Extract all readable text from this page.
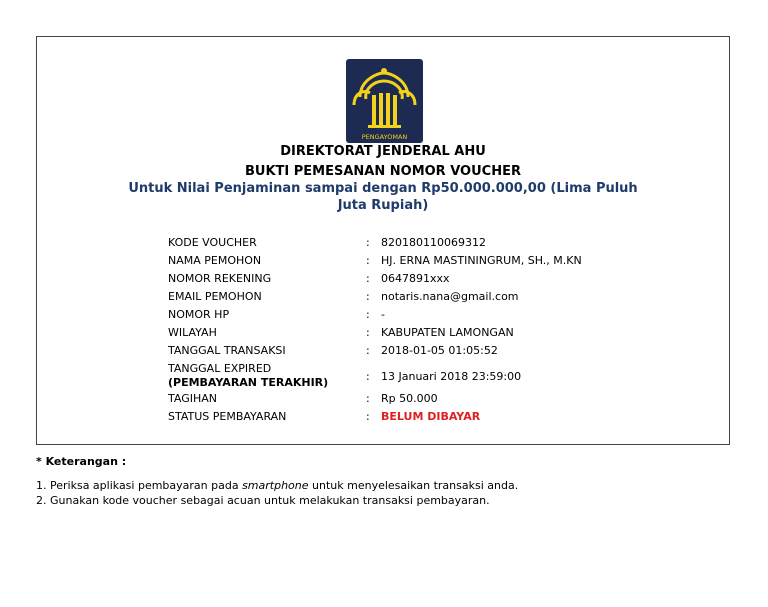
PENGAYOMAN
DIREKTORAT JENDERAL AHU
BUKTI PEMESANAN NOMOR VOUCHER
Untuk Nilai Penjaminan sampai dengan Rp50.000.000,00 (Lima Puluh Juta Rupiah)
KODE VOUCHER	: 820180110069312
NAMA PEMOHON	: HJ. ERNA MASTININGRUM, SH., M.KN
NOMOR REKENING	: 0647891xxx
EMAIL PEMOHON	: notaris.nana@gmail.com
NOMOR HP	: -
WILAYAH	: KABUPATEN LAMONGAN
TANGGAL TRANSAKSI	: 2018-01-05 01:05:52
TANGGAL EXPIRED
(PEMBAYARAN TERAKHIR)	: 13 Januari 2018 23:59:00
TAGIHAN	: Rp 50.000
STATUS PEMBAYARAN	: BELUM DIBAYAR
* Keterangan :
1. Periksa aplikasi pembayaran pada smartphone untuk menyelesaikan transaksi anda.
2. Gunakan kode voucher sebagai acuan untuk melakukan transaksi pembayaran.
